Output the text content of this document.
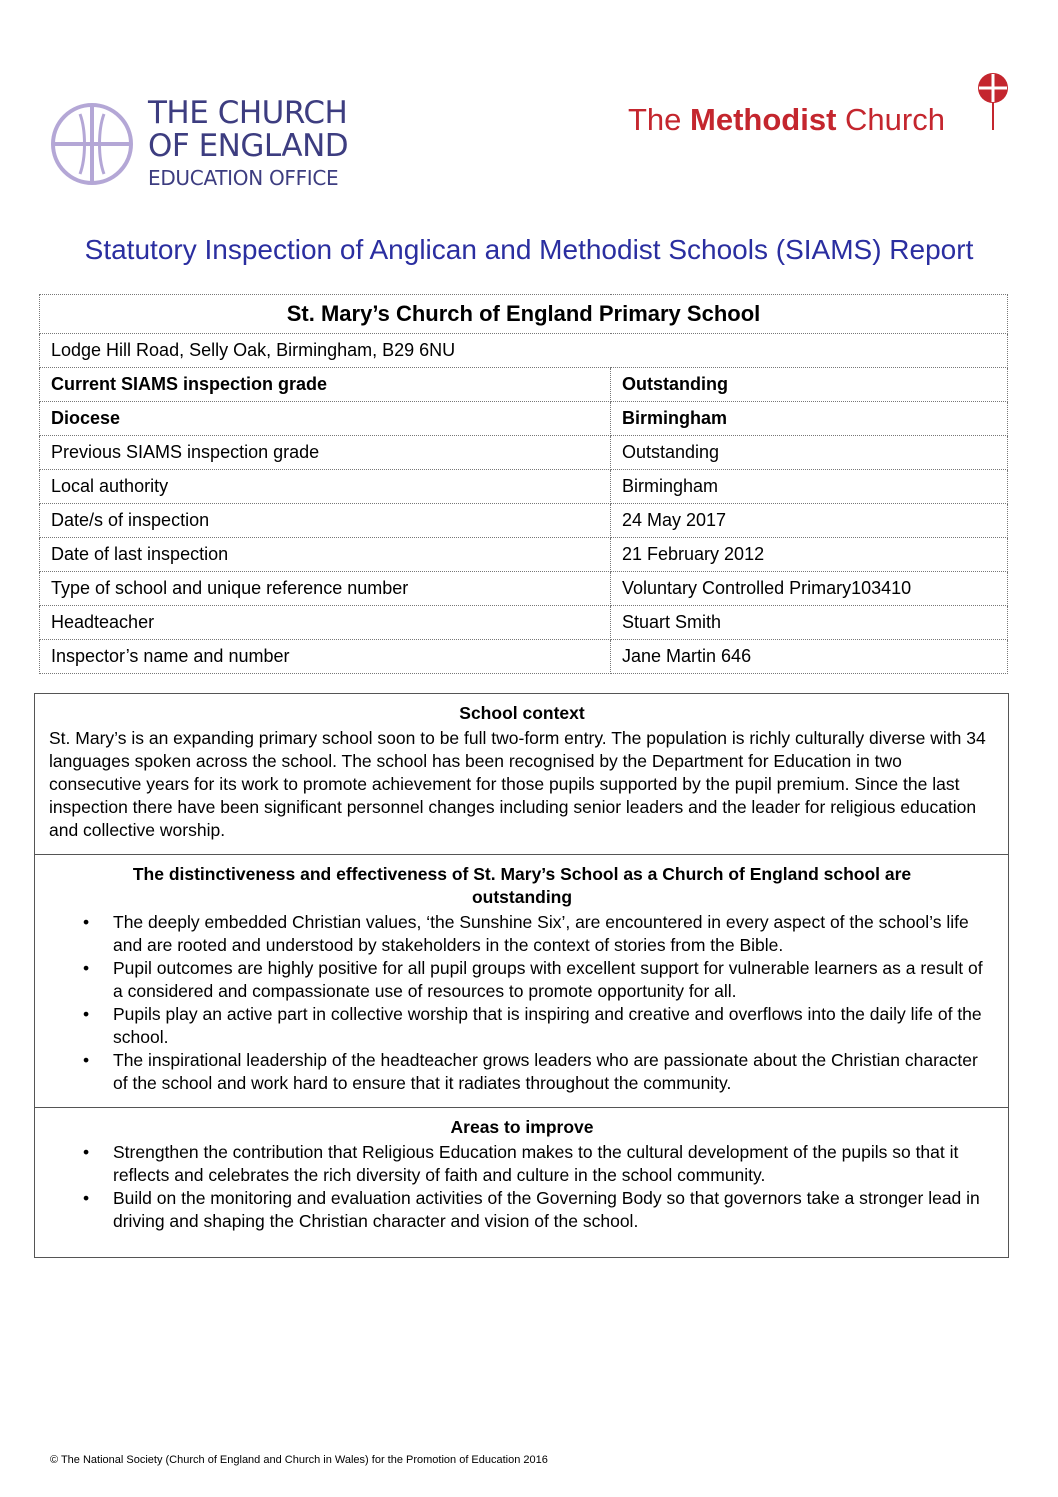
THE CHURCH
OF ENGLAND
EDUCATION OFFICE
The Methodist Church
Statutory Inspection of Anglican and Methodist Schools (SIAMS) Report
St. Mary’s Church of England Primary School	
Lodge Hill Road, Selly Oak, Birmingham, B29 6NU	
Current SIAMS inspection grade	Outstanding
Diocese	Birmingham
Previous SIAMS inspection grade	Outstanding
Local authority	Birmingham
Date/s of inspection	24 May 2017
Date of last inspection	21 February 2012
Type of school and unique reference number	Voluntary Controlled Primary103410
Headteacher	Stuart Smith
Inspector’s name and number	Jane Martin 646
School context

St. Mary’s is an expanding primary school soon to be full two-form entry. The population is richly culturally diverse with 34 languages spoken across the school. The school has been recognised by the Department for Education in two consecutive years for its work to promote achievement for those pupils supported by the pupil premium. Since the last inspection there have been significant personnel changes including senior leaders and the leader for religious education and collective worship.

The distinctiveness and effectiveness of St. Mary’s School as a Church of England school are outstanding
• The deeply embedded Christian values, ‘the Sunshine Six’, are encountered in every aspect of the school’s life and are rooted and understood by stakeholders in the context of stories from the Bible.
• Pupil outcomes are highly positive for all pupil groups with excellent support for vulnerable learners as a result of a considered and compassionate use of resources to promote opportunity for all.
• Pupils play an active part in collective worship that is inspiring and creative and overflows into the daily life of the school.
• The inspirational leadership of the headteacher grows leaders who are passionate about the Christian character of the school and work hard to ensure that it radiates throughout the community.
Areas to improve
• Strengthen the contribution that Religious Education makes to the cultural development of the pupils so that it reflects and celebrates the rich diversity of faith and culture in the school community.
• Build on the monitoring and evaluation activities of the Governing Body so that governors take a stronger lead in driving and shaping the Christian character and vision of the school.
© The National Society (Church of England and Church in Wales) for the Promotion of Education 2016
